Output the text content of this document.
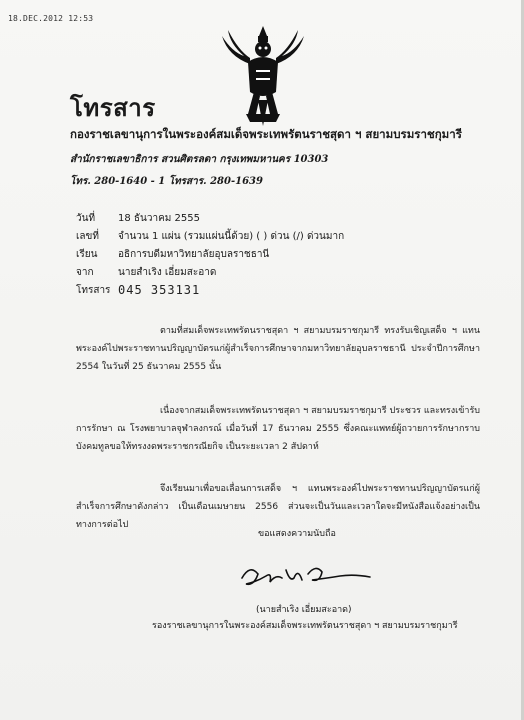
18.DEC.2012 12:53
โทรสาร
กองราชเลขานุการในพระองค์สมเด็จพระเทพรัตนราชสุดา ฯ สยามบรมราชกุมารี
สำนักราชเลขาธิการ สวนศิตรลดา กรุงเทพมหานคร 10303
โทร. 280-1640 - 1 โทรสาร. 280-1639
วันที่	18 ธันวาคม 2555
เลขที่	จำนวน 1 แผ่น (รวมแผ่นนี้ด้วย) ( ) ด่วน (/) ด่วนมาก
เรียน	อธิการบดีมหาวิทยาลัยอุบลราชธานี
จาก	นายสำเริง เอี่ยมสะอาด
โทรสาร 045 353131
ตามที่สมเด็จพระเทพรัตนราชสุดา ฯ สยามบรมราชกุมารี ทรงรับเชิญเสด็จ ฯ แทนพระองค์ไปพระราชทานปริญญาบัตรแก่ผู้สำเร็จการศึกษาจากมหาวิทยาลัยอุบลราชธานี ประจำปีการศึกษา 2554 ในวันที่ 25 ธันวาคม 2555 นั้น
เนื่องจากสมเด็จพระเทพรัตนราชสุดา ฯ สยามบรมราชกุมารี ประชวร และทรงเข้ารับการรักษา ณ โรงพยาบาลจุฬาลงกรณ์ เมื่อวันที่ 17 ธันวาคม 2555 ซึ่งคณะแพทย์ผู้ถวายการรักษากราบบังคมทูลขอให้ทรงงดพระราชกรณียกิจ เป็นระยะเวลา 2 สัปดาห์
จึงเรียนมาเพื่อขอเลื่อนการเสด็จ ฯ แทนพระองค์ไปพระราชทานปริญญาบัตรแก่ผู้สำเร็จการศึกษาดังกล่าว เป็นเดือนเมษายน 2556 ส่วนจะเป็นวันและเวลาใดจะมีหนังสือแจ้งอย่างเป็นทางการต่อไป
ขอแสดงความนับถือ
(นายสำเริง เอี่ยมสะอาด)
รองราชเลขานุการในพระองค์สมเด็จพระเทพรัตนราชสุดา ฯ สยามบรมราชกุมารี
